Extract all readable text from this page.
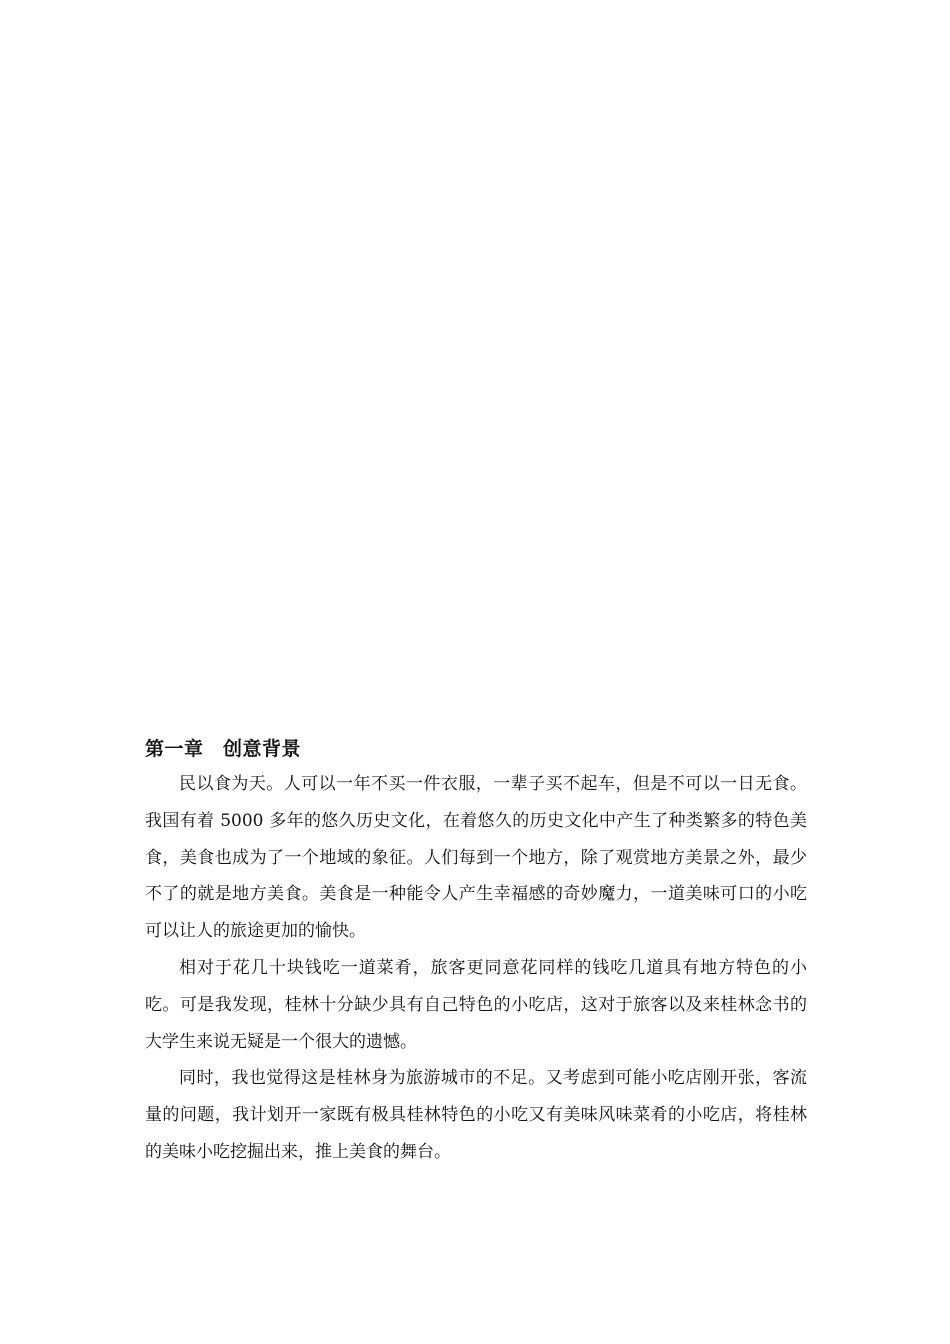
第一章　创意背景

民以食为天。人可以一年不买一件衣服，一辈子买不起车，但是不可以一日无食。我国有着 5000 多年的悠久历史文化，在着悠久的历史文化中产生了种类繁多的特色美食，美食也成为了一个地域的象征。人们每到一个地方，除了观赏地方美景之外，最少不了的就是地方美食。美食是一种能令人产生幸福感的奇妙魔力，一道美味可口的小吃可以让人的旅途更加的愉快。

相对于花几十块钱吃一道菜肴，旅客更同意花同样的钱吃几道具有地方特色的小吃。可是我发现，桂林十分缺少具有自己特色的小吃店，这对于旅客以及来桂林念书的大学生来说无疑是一个很大的遗憾。

同时，我也觉得这是桂林身为旅游城市的不足。又考虑到可能小吃店刚开张，客流量的问题，我计划开一家既有极具桂林特色的小吃又有美味风味菜肴的小吃店，将桂林的美味小吃挖掘出来，推上美食的舞台。
